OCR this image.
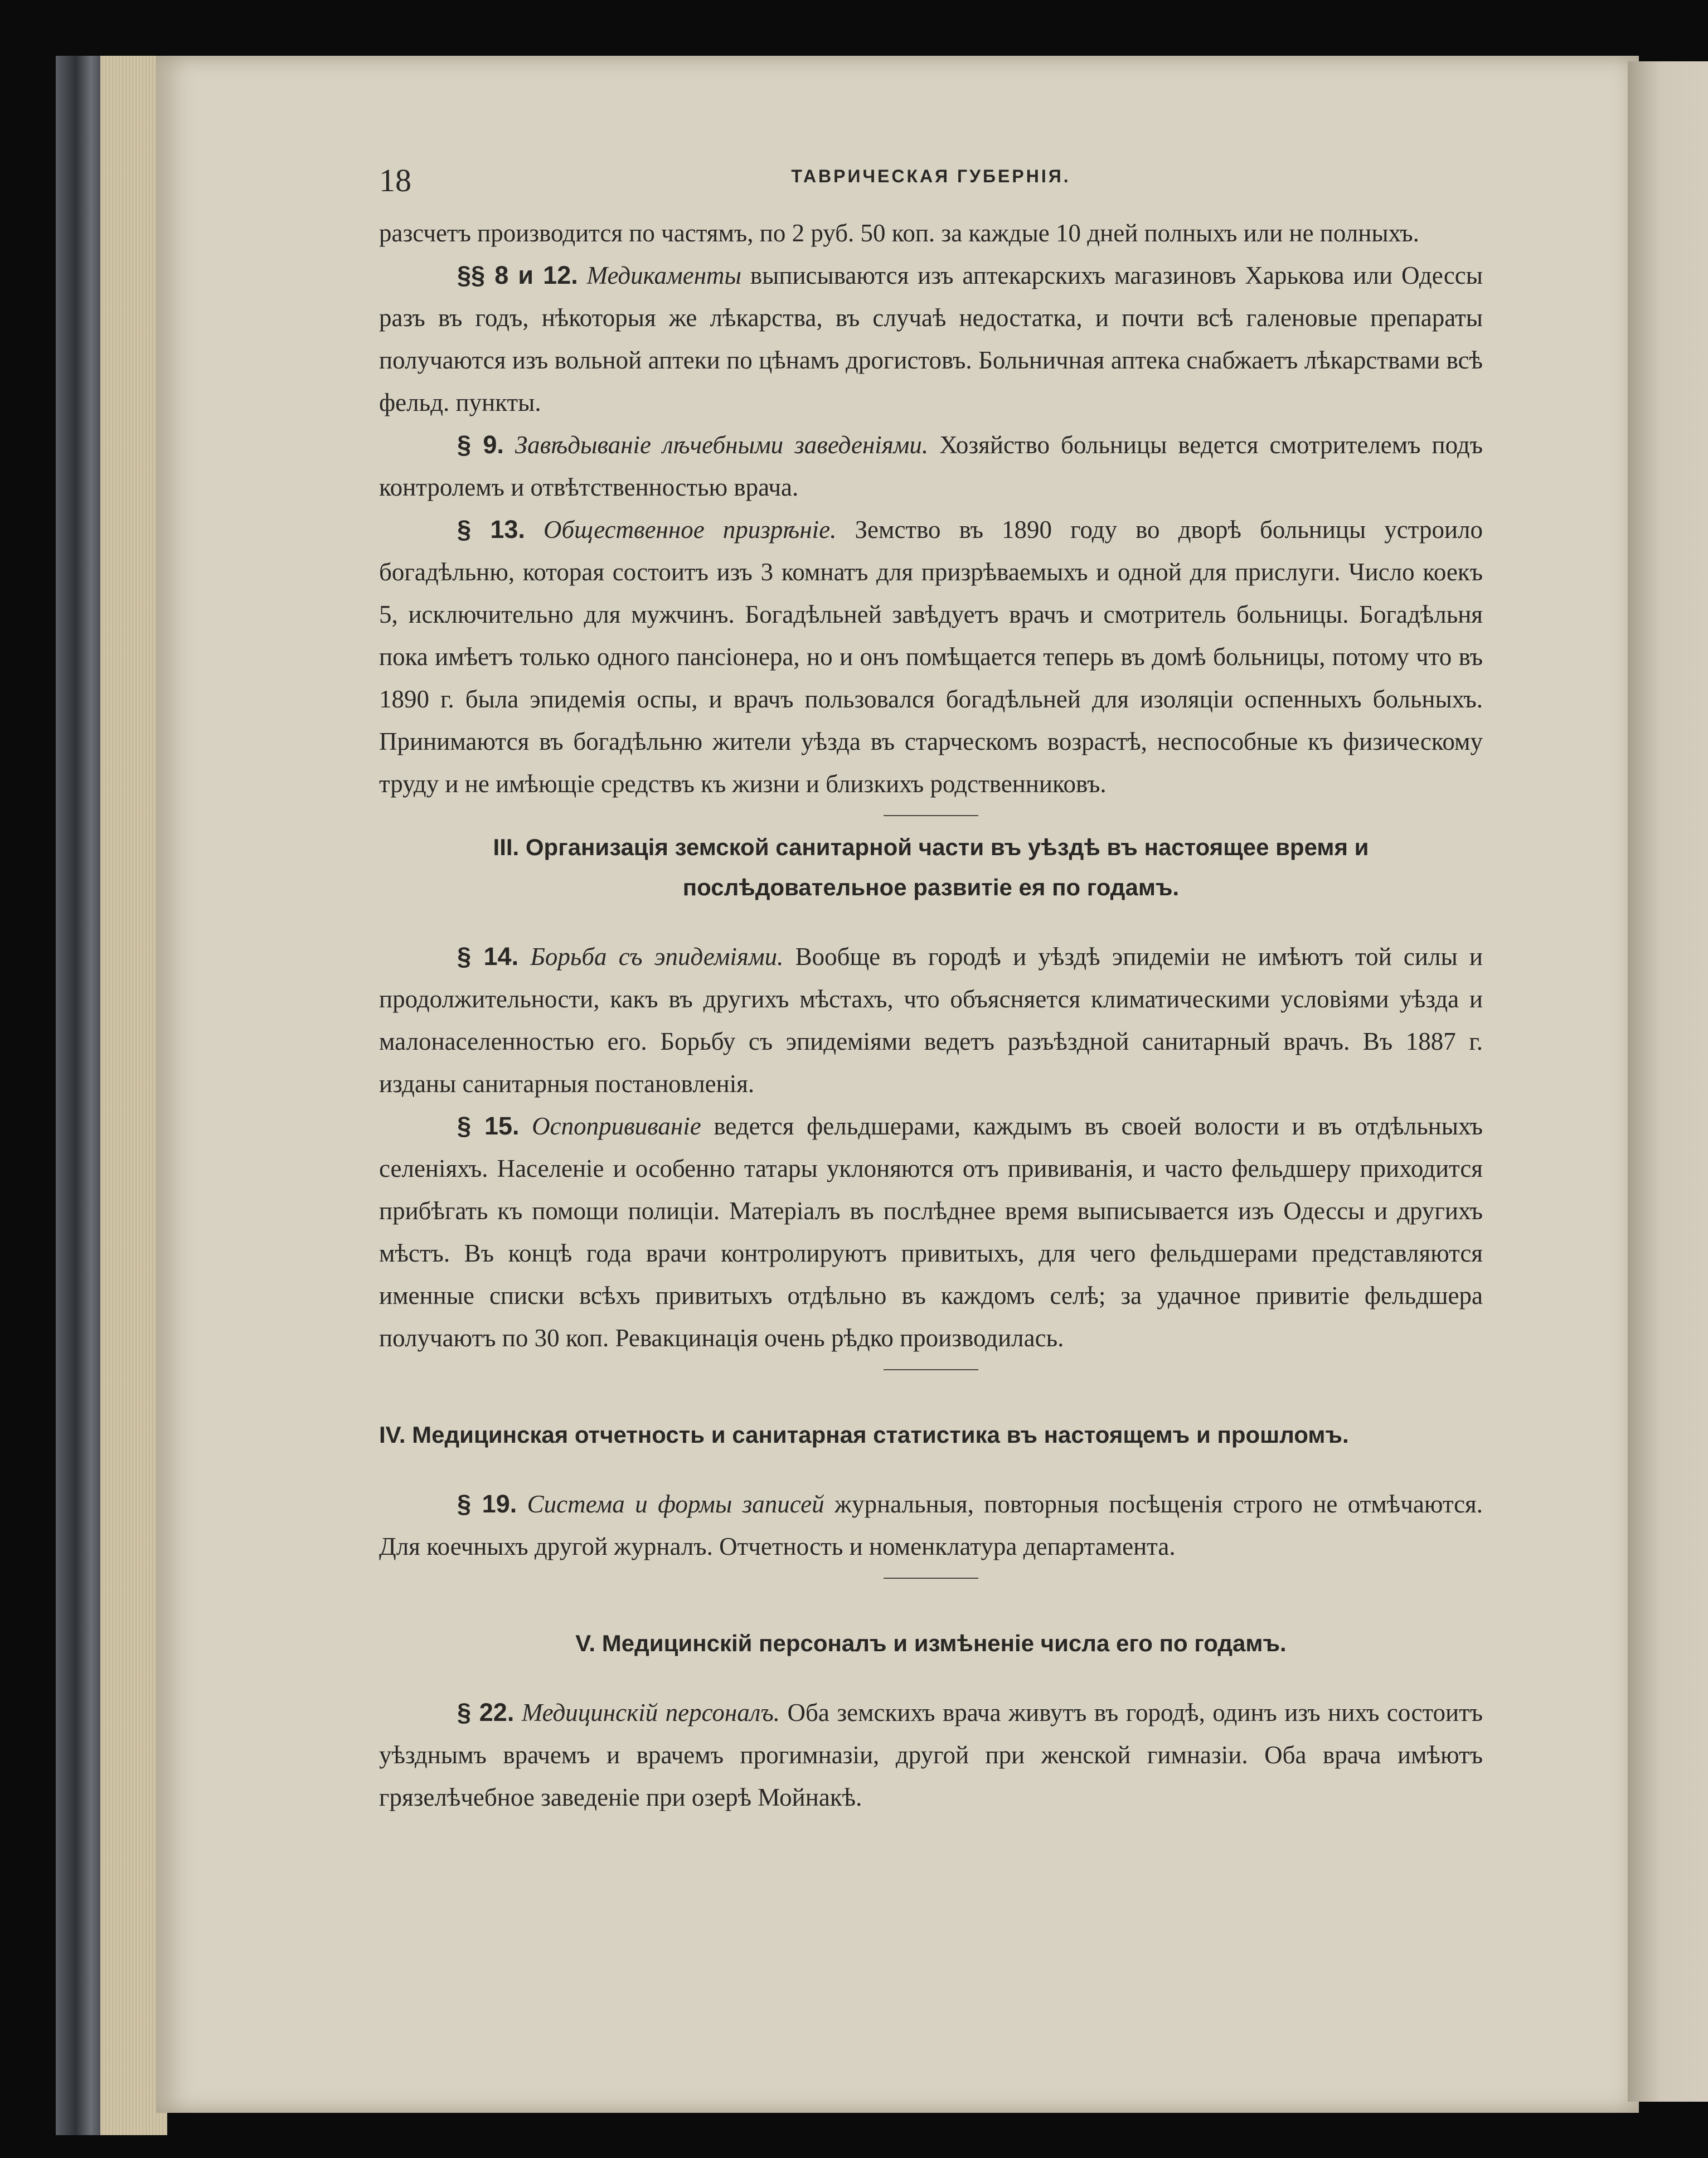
18	ТАВРИЧЕСКАЯ ГУБЕРНІЯ.

разсчетъ производится по частямъ, по 2 руб. 50 коп. за каждые 10 дней полныхъ или не полныхъ.

§§ 8 и 12. Медикаменты выписываются изъ аптекарскихъ магазиновъ Харькова или Одессы разъ въ годъ, нѣкоторыя же лѣкарства, въ случаѣ недостатка, и почти всѣ галеновые препараты получаются изъ вольной аптеки по цѣнамъ дрогистовъ. Больничная аптека снабжаетъ лѣкарствами всѣ фельд. пункты.

§ 9. Завѣдываніе лѣчебными заведеніями. Хозяйство больницы ведется смотрителемъ подъ контролемъ и отвѣтственностью врача.

§ 13. Общественное призрѣніе. Земство въ 1890 году во дворѣ больницы устроило богадѣльню, которая состоитъ изъ 3 комнатъ для призрѣваемыхъ и одной для прислуги. Число коекъ 5, исключительно для мужчинъ. Богадѣльней завѣдуетъ врачъ и смотритель больницы. Богадѣльня пока имѣетъ только одного пансіонера, но и онъ помѣщается теперь въ домѣ больницы, потому что въ 1890 г. была эпидемія оспы, и врачъ пользовался богадѣльней для изоляціи оспенныхъ больныхъ. Принимаются въ богадѣльню жители уѣзда въ старческомъ возрастѣ, неспособные къ физическому труду и не имѣющіе средствъ къ жизни и близкихъ родственниковъ.

III. Организація земской санитарной части въ уѣздѣ въ настоящее время и послѣдовательное развитіе ея по годамъ.

§ 14. Борьба съ эпидеміями. Вообще въ городѣ и уѣздѣ эпидеміи не имѣютъ той силы и продолжительности, какъ въ другихъ мѣстахъ, что объясняется климатическими условіями уѣзда и малонаселенностью его. Борьбу съ эпидеміями ведетъ разъѣздной санитарный врачъ. Въ 1887 г. изданы санитарныя постановленія.

§ 15. Оспопрививаніе ведется фельдшерами, каждымъ въ своей волости и въ отдѣльныхъ селеніяхъ. Населеніе и особенно татары уклоняются отъ прививанія, и часто фельдшеру приходится прибѣгать къ помощи полиціи. Матеріалъ въ послѣднее время выписывается изъ Одессы и другихъ мѣстъ. Въ концѣ года врачи контролируютъ привитыхъ, для чего фельдшерами представляются именные списки всѣхъ привитыхъ отдѣльно въ каждомъ селѣ; за удачное привитіе фельдшера получаютъ по 30 коп. Ревакцинація очень рѣдко производилась.

IV. Медицинская отчетность и санитарная статистика въ настоящемъ и прошломъ.

§ 19. Система и формы записей журнальныя, повторныя посѣщенія строго не отмѣчаются. Для коечныхъ другой журналъ. Отчетность и номенклатура департамента.

V. Медицинскій персоналъ и измѣненіе числа его по годамъ.

§ 22. Медицинскій персоналъ. Оба земскихъ врача живутъ въ городѣ, одинъ изъ нихъ состоитъ уѣзднымъ врачемъ и врачемъ прогимназіи, другой при женской гимназіи. Оба врача имѣютъ грязелѣчебное заведеніе при озерѣ Мойнакѣ.
